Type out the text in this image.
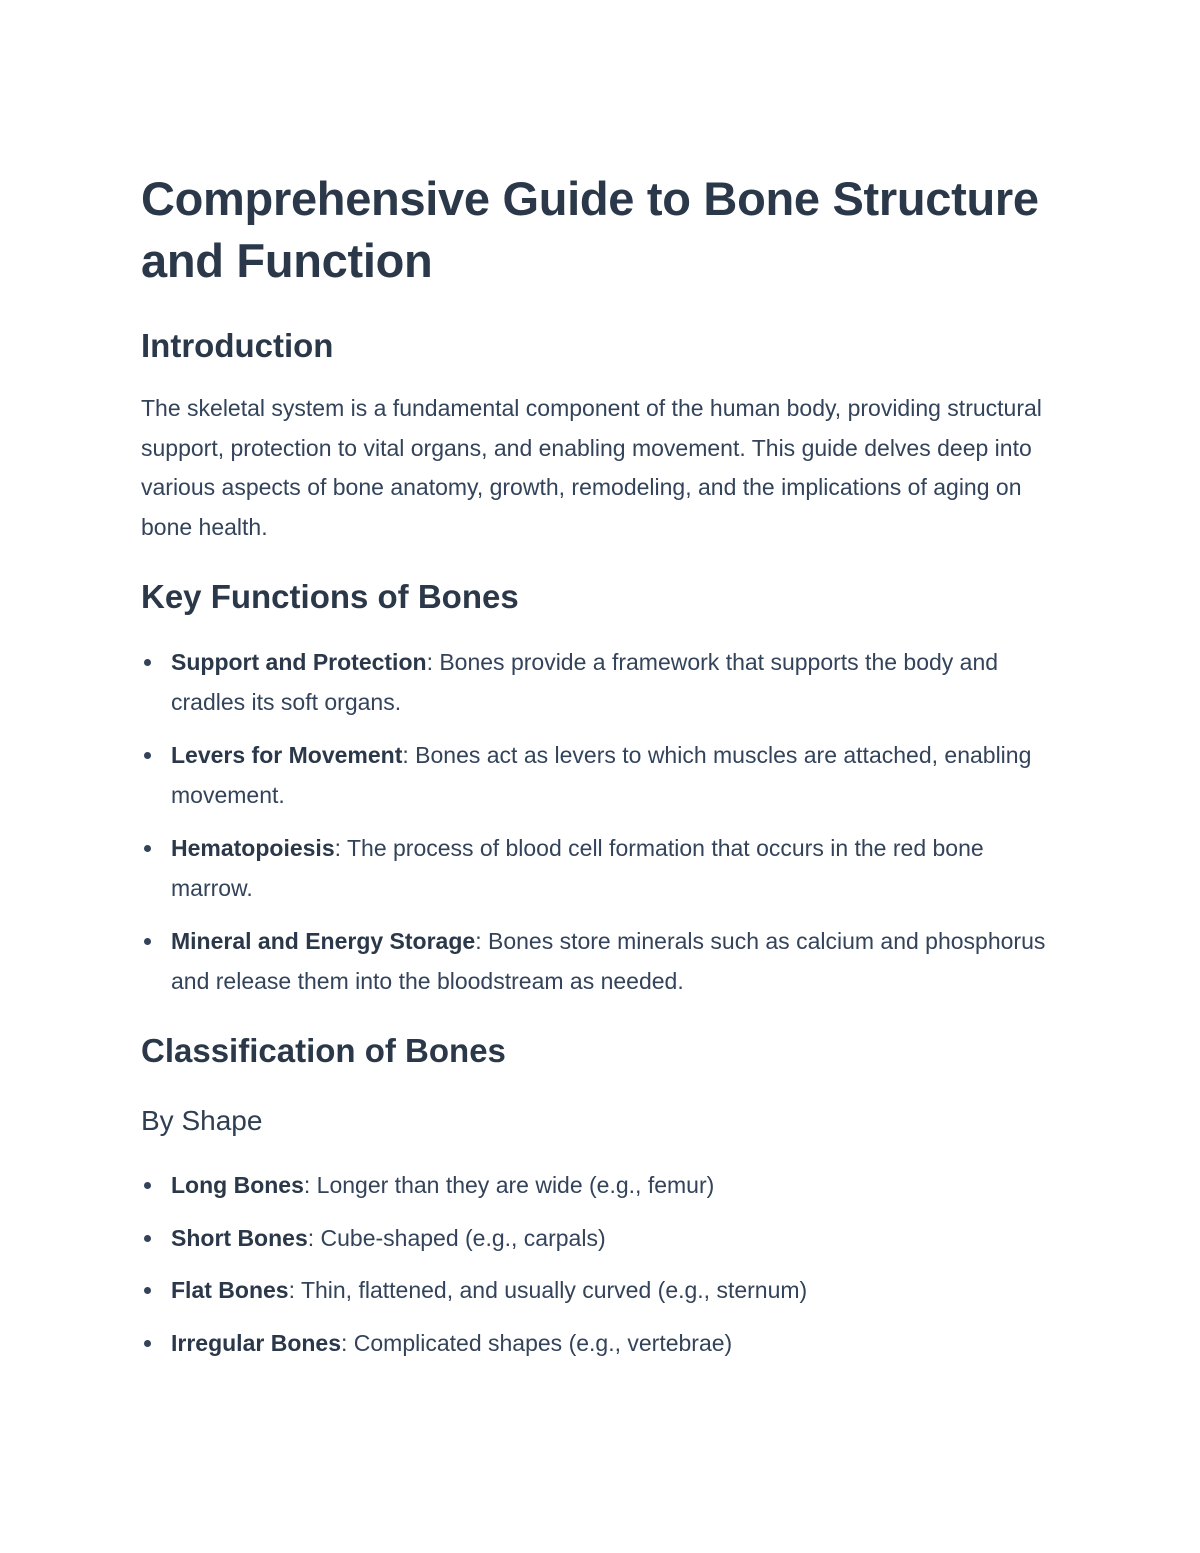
Comprehensive Guide to Bone Structure and Function
Introduction

The skeletal system is a fundamental component of the human body, providing structural support, protection to vital organs, and enabling movement. This guide delves deep into various aspects of bone anatomy, growth, remodeling, and the implications of aging on bone health.

Key Functions of Bones
Support and Protection: Bones provide a framework that supports the body and cradles its soft organs.
Levers for Movement: Bones act as levers to which muscles are attached, enabling movement.
Hematopoiesis: The process of blood cell formation that occurs in the red bone marrow.
Mineral and Energy Storage: Bones store minerals such as calcium and phosphorus and release them into the bloodstream as needed.
Classification of Bones
By Shape
Long Bones: Longer than they are wide (e.g., femur)
Short Bones: Cube-shaped (e.g., carpals)
Flat Bones: Thin, flattened, and usually curved (e.g., sternum)
Irregular Bones: Complicated shapes (e.g., vertebrae)
